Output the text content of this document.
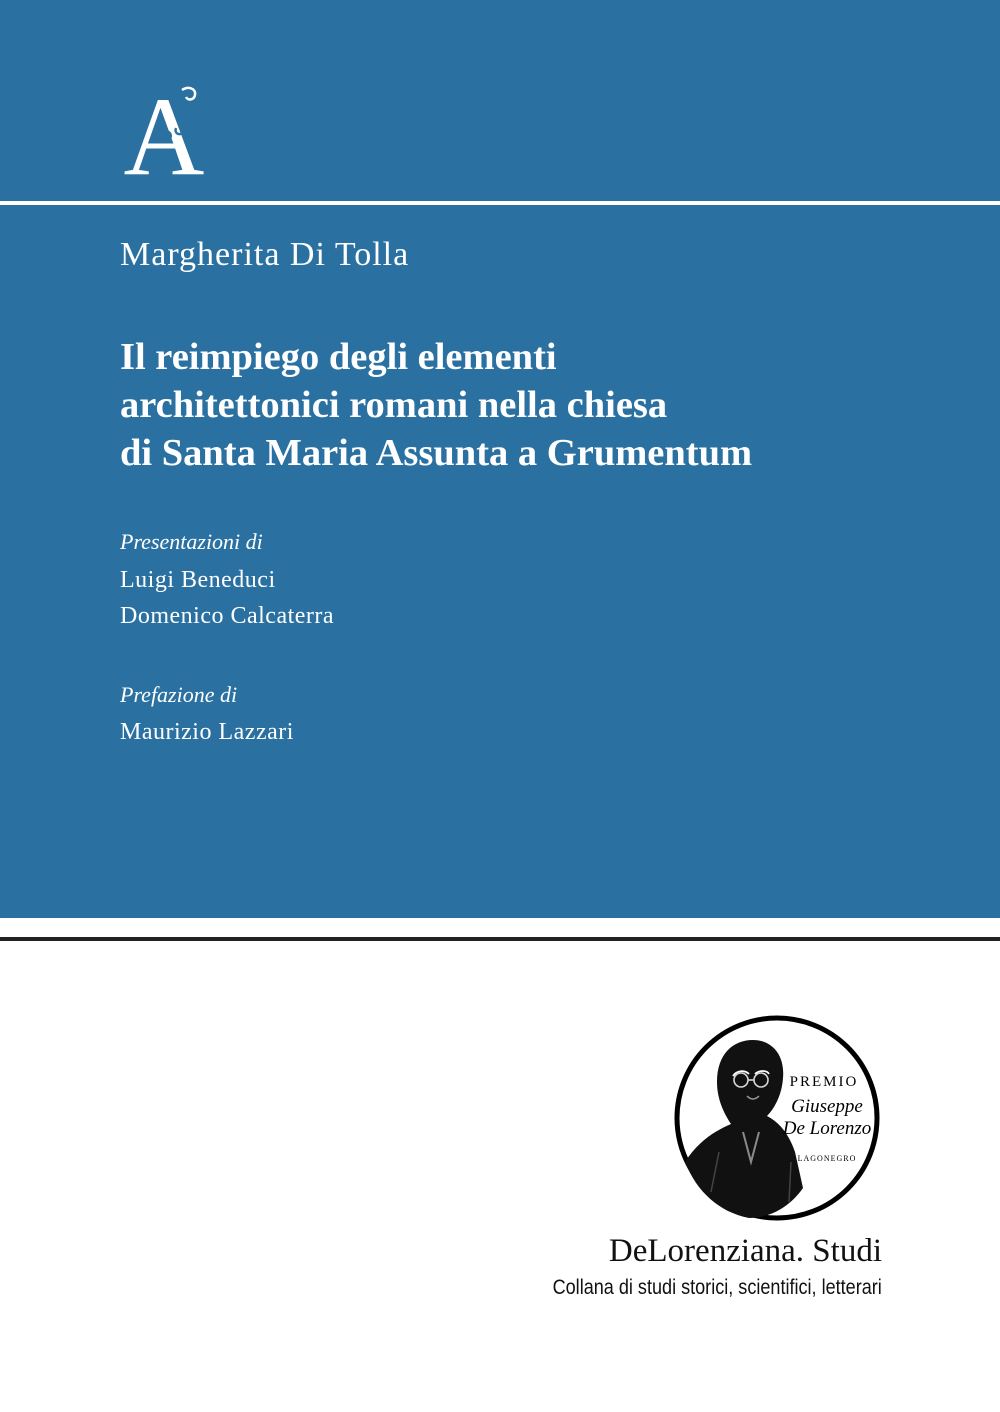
A
Margherita Di Tolla
Il reimpiego degli elementi
architettonici romani nella chiesa
di Santa Maria Assunta a Grumentum
Presentazioni di
Luigi Beneduci
Domenico Calcaterra
Prefazione di
Maurizio Lazzari
PREMIO
Giuseppe
De Lorenzo
LAGONEGRO
DeLorenziana. Studi
Collana di studi storici, scientifici, letterari
